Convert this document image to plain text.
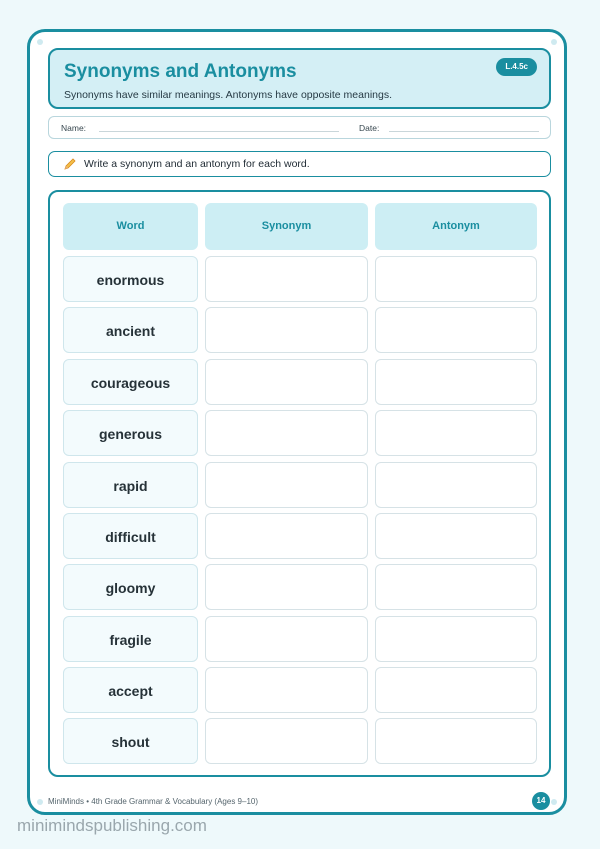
Synonyms and Antonyms
Synonyms have similar meanings. Antonyms have opposite meanings.
L.4.5c
Name:	Date:
Write a synonym and an antonym for each word.
Word	Synonym	Antonym
enormous
ancient
courageous
generous
rapid
difficult
gloomy
fragile
accept
shout
MiniMinds • 4th Grade Grammar & Vocabulary (Ages 9–10)	14
minimindspublishing.com
